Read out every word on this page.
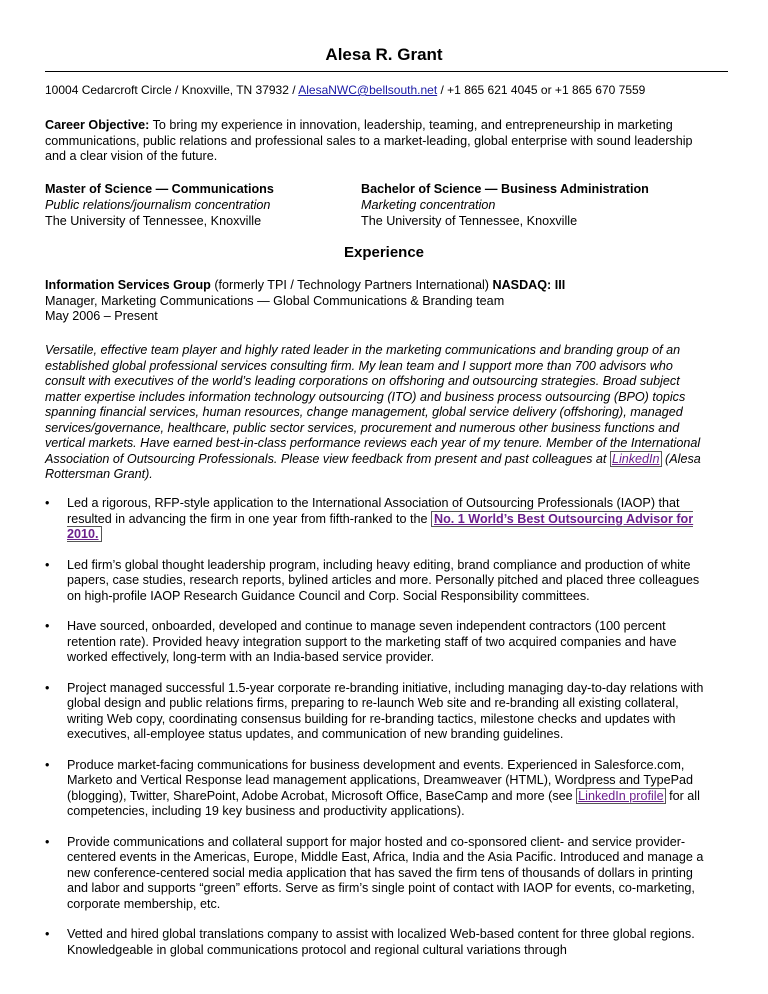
Alesa R. Grant
10004 Cedarcroft Circle / Knoxville, TN 37932 / AlesaNWC@bellsouth.net / +1 865 621 4045 or +1 865 670 7559
Career Objective: To bring my experience in innovation, leadership, teaming, and entrepreneurship in marketing communications, public relations and professional sales to a market-leading, global enterprise with sound leadership and a clear vision of the future.
Master of Science — Communications
Public relations/journalism concentration
The University of Tennessee, Knoxville
Bachelor of Science — Business Administration
Marketing concentration
The University of Tennessee, Knoxville
Experience
Information Services Group (formerly TPI / Technology Partners International) NASDAQ: III
Manager, Marketing Communications — Global Communications & Branding team
May 2006 – Present
Versatile, effective team player and highly rated leader in the marketing communications and branding group of an established global professional services consulting firm. My lean team and I support more than 700 advisors who consult with executives of the world’s leading corporations on offshoring and outsourcing strategies. Broad subject matter expertise includes information technology outsourcing (ITO) and business process outsourcing (BPO) topics spanning financial services, human resources, change management, global service delivery (offshoring), managed services/governance, healthcare, public sector services, procurement and numerous other business functions and vertical markets. Have earned best-in-class performance reviews each year of my tenure. Member of the International Association of Outsourcing Professionals. Please view feedback from present and past colleagues at LinkedIn (Alesa Rottersman Grant).
• Led a rigorous, RFP-style application to the International Association of Outsourcing Professionals (IAOP) that resulted in advancing the firm in one year from fifth-ranked to the No. 1 World’s Best Outsourcing Advisor for 2010.
• Led firm’s global thought leadership program, including heavy editing, brand compliance and production of white papers, case studies, research reports, bylined articles and more. Personally pitched and placed three colleagues on high-profile IAOP Research Guidance Council and Corp. Social Responsibility committees.
• Have sourced, onboarded, developed and continue to manage seven independent contractors (100 percent retention rate). Provided heavy integration support to the marketing staff of two acquired companies and have worked effectively, long-term with an India-based service provider.
• Project managed successful 1.5-year corporate re-branding initiative, including managing day-to-day relations with global design and public relations firms, preparing to re-launch Web site and re-branding all existing collateral, writing Web copy, coordinating consensus building for re-branding tactics, milestone checks and updates with executives, all-employee status updates, and communication of new branding guidelines.
• Produce market-facing communications for business development and events. Experienced in Salesforce.com, Marketo and Vertical Response lead management applications, Dreamweaver (HTML), Wordpress and TypePad (blogging), Twitter, SharePoint, Adobe Acrobat, Microsoft Office, BaseCamp and more (see LinkedIn profile for all competencies, including 19 key business and productivity applications).
• Provide communications and collateral support for major hosted and co-sponsored client- and service provider-centered events in the Americas, Europe, Middle East, Africa, India and the Asia Pacific. Introduced and manage a new conference-centered social media application that has saved the firm tens of thousands of dollars in printing and labor and supports “green” efforts. Serve as firm’s single point of contact with IAOP for events, co-marketing, corporate membership, etc.
• Vetted and hired global translations company to assist with localized Web-based content for three global regions. Knowledgeable in global communications protocol and regional cultural variations through
